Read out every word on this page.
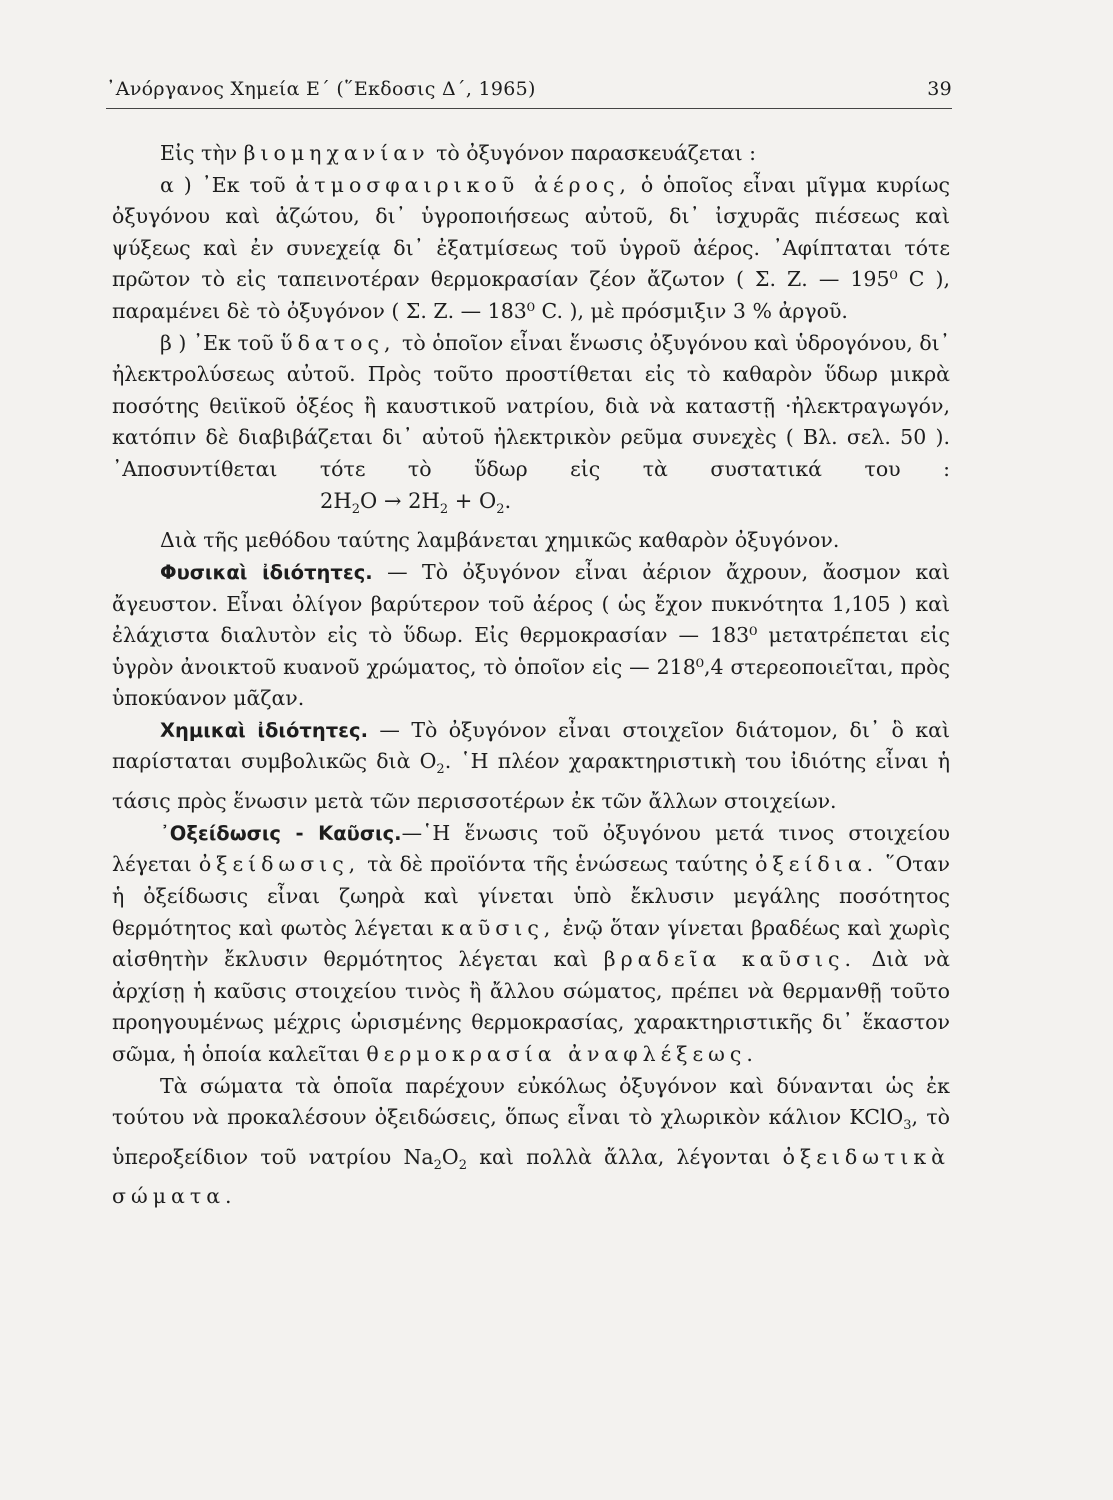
᾽Ανόργανος Χημεία Ε΄ (῞Εκδοσις Δ΄, 1965)	39

Εἰς τὴν βιομηχανίαν τὸ ὀξυγόνον παρασκευάζεται :

α ) ᾽Εκ τοῦ ἀτμοσφαιρικοῦ ἀέρος, ὁ ὁποῖος εἶναι μῖγμα κυρίως ὀξυγόνου καὶ ἀζώτου, δι᾽ ὑγροποιήσεως αὐτοῦ, δι᾽ ἰσχυρᾶς πιέσεως καὶ ψύξεως καὶ ἐν συνεχείᾳ δι᾽ ἐξατμίσεως τοῦ ὑγροῦ ἀέρος. ᾽Αφίπταται τότε πρῶτον τὸ εἰς ταπεινοτέραν θερμοκρασίαν ζέον ἄζωτον ( Σ. Ζ. — 195⁰ C ), παραμένει δὲ τὸ ὀξυγόνον ( Σ. Ζ. — 183⁰ C. ), μὲ πρόσμιξιν 3 % ἀργοῦ.

β ) ᾽Εκ τοῦ ὕδατος, τὸ ὁποῖον εἶναι ἕνωσις ὀξυγόνου καὶ ὑδρογόνου, δι᾽ ἠλεκτρολύσεως αὐτοῦ. Πρὸς τοῦτο προστίθεται εἰς τὸ καθαρὸν ὕδωρ μικρὰ ποσότης θειϊκοῦ ὀξέος ἢ καυστικοῦ νατρίου, διὰ νὰ καταστῇ ·ἠλεκτραγωγόν, κατόπιν δὲ διαβιβάζεται δι᾽ αὐτοῦ ἠλεκτρικὸν ρεῦμα συνεχὲς ( Βλ. σελ. 50 ). ᾽Αποσυντίθεται τότε τὸ ὕδωρ εἰς τὰ συστατικά του $:2H_2O \to 2H_2 + O_2$.

Διὰ τῆς μεθόδου ταύτης λαμβάνεται χημικῶς καθαρὸν ὀξυγόνον.

Φυσικαὶ ἰδιότητες. — Τὸ ὀξυγόνον εἶναι ἀέριον ἄχρουν, ἄοσμον καὶ ἄγευστον. Εἶναι ὀλίγον βαρύτερον τοῦ ἀέρος ( ὡς ἔχον πυκνότητα 1,105 ) καὶ ἐλάχιστα διαλυτὸν εἰς τὸ ὕδωρ. Εἰς θερμοκρασίαν — 183⁰ μετατρέπεται εἰς ὑγρὸν ἀνοικτοῦ κυανοῦ χρώματος, τὸ ὁποῖον εἰς — 218⁰,4 στερεοποιεῖται, πρὸς ὑποκύανον μᾶζαν.

Χημικαὶ ἰδιότητες. — Τὸ ὀξυγόνον εἶναι στοιχεῖον διάτομον, δι᾽ ὃ καὶ παρίσταται συμβολικῶς διὰ $O_2$. ῾Η πλέον χαρακτηριστικὴ του ἰδιότης εἶναι ἡ τάσις πρὸς ἕνωσιν μετὰ τῶν περισσοτέρων ἐκ τῶν ἄλλων στοιχείων.

᾽Οξείδωσις - Καῦσις.—῾Η ἕνωσις τοῦ ὀξυγόνου μετά τινος στοιχείου λέγεται ὀξείδωσις, τὰ δὲ προϊόντα τῆς ἑνώσεως ταύτης ὀξείδια. ῞Οταν ἡ ὀξείδωσις εἶναι ζωηρὰ καὶ γίνεται ὑπὸ ἔκλυσιν μεγάλης ποσότητος θερμότητος καὶ φωτὸς λέγεται καῦσις, ἐνῷ ὅταν γίνεται βραδέως καὶ χωρὶς αἰσθητὴν ἔκλυσιν θερμότητος λέγεται καὶ βραδεῖα καῦσις. Διὰ νὰ ἀρχίσῃ ἡ καῦσις στοιχείου τινὸς ἢ ἄλλου σώματος, πρέπει νὰ θερμανθῇ τοῦτο προηγουμένως μέχρις ὡρισμένης θερμοκρασίας, χαρακτηριστικῆς δι᾽ ἕκαστον σῶμα, ἡ ὁποία καλεῖται θερμοκρασία ἀναφλέξεως.

Τὰ σώματα τὰ ὁποῖα παρέχουν εὐκόλως ὀξυγόνον καὶ δύνανται ὡς ἐκ τούτου νὰ προκαλέσουν ὀξειδώσεις, ὅπως εἶναι τὸ χλωρικὸν κάλιον KClO$_3$, τὸ ὑπεροξείδιον τοῦ νατρίου $Na_2O_2$ καὶ πολλὰ ἄλλα, λέγονται ὀξειδωτικὰ σώματα.
